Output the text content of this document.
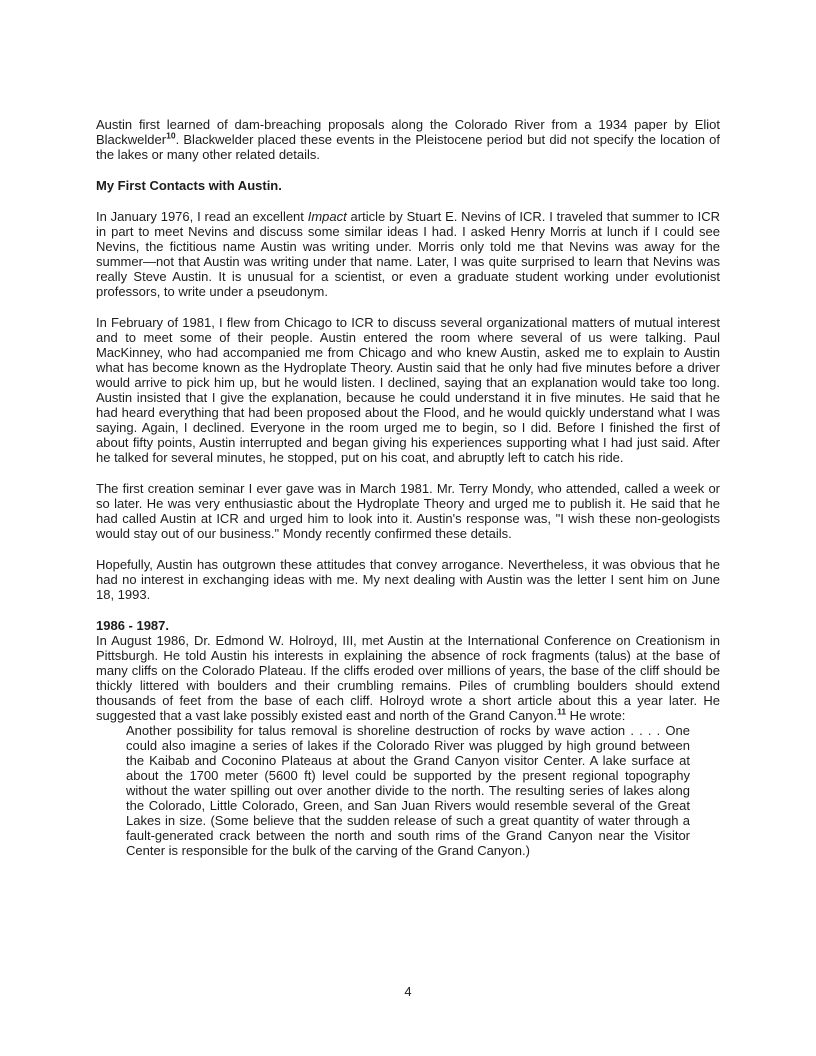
Austin first learned of dam-breaching proposals along the Colorado River from a 1934 paper by Eliot Blackwelder$^{10}$. Blackwelder placed these events in the Pleistocene period but did not specify the location of the lakes or many other related details.

My First Contacts with Austin.

In January 1976, I read an excellent Impact article by Stuart E. Nevins of ICR. I traveled that summer to ICR in part to meet Nevins and discuss some similar ideas I had. I asked Henry Morris at lunch if I could see Nevins, the fictitious name Austin was writing under. Morris only told me that Nevins was away for the summer—not that Austin was writing under that name. Later, I was quite surprised to learn that Nevins was really Steve Austin. It is unusual for a scientist, or even a graduate student working under evolutionist professors, to write under a pseudonym.

In February of 1981, I flew from Chicago to ICR to discuss several organizational matters of mutual interest and to meet some of their people. Austin entered the room where several of us were talking. Paul MacKinney, who had accompanied me from Chicago and who knew Austin, asked me to explain to Austin what has become known as the Hydroplate Theory. Austin said that he only had five minutes before a driver would arrive to pick him up, but he would listen. I declined, saying that an explanation would take too long. Austin insisted that I give the explanation, because he could understand it in five minutes. He said that he had heard everything that had been proposed about the Flood, and he would quickly understand what I was saying. Again, I declined. Everyone in the room urged me to begin, so I did. Before I finished the first of about fifty points, Austin interrupted and began giving his experiences supporting what I had just said. After he talked for several minutes, he stopped, put on his coat, and abruptly left to catch his ride.

The first creation seminar I ever gave was in March 1981. Mr. Terry Mondy, who attended, called a week or so later. He was very enthusiastic about the Hydroplate Theory and urged me to publish it. He said that he had called Austin at ICR and urged him to look into it. Austin's response was, "I wish these non-geologists would stay out of our business." Mondy recently confirmed these details.

Hopefully, Austin has outgrown these attitudes that convey arrogance. Nevertheless, it was obvious that he had no interest in exchanging ideas with me. My next dealing with Austin was the letter I sent him on June 18, 1993.

1986 - 1987.

In August 1986, Dr. Edmond W. Holroyd, III, met Austin at the International Conference on Creationism in Pittsburgh. He told Austin his interests in explaining the absence of rock fragments (talus) at the base of many cliffs on the Colorado Plateau. If the cliffs eroded over millions of years, the base of the cliff should be thickly littered with boulders and their crumbling remains. Piles of crumbling boulders should extend thousands of feet from the base of each cliff. Holroyd wrote a short article about this a year later. He suggested that a vast lake possibly existed east and north of the Grand Canyon.$^{11}$ He wrote:

Another possibility for talus removal is shoreline destruction of rocks by wave action . . . . One could also imagine a series of lakes if the Colorado River was plugged by high ground between the Kaibab and Coconino Plateaus at about the Grand Canyon visitor Center. A lake surface at about the 1700 meter (5600 ft) level could be supported by the present regional topography without the water spilling out over another divide to the north. The resulting series of lakes along the Colorado, Little Colorado, Green, and San Juan Rivers would resemble several of the Great Lakes in size. (Some believe that the sudden release of such a great quantity of water through a fault-generated crack between the north and south rims of the Grand Canyon near the Visitor Center is responsible for the bulk of the carving of the Grand Canyon.)
4
